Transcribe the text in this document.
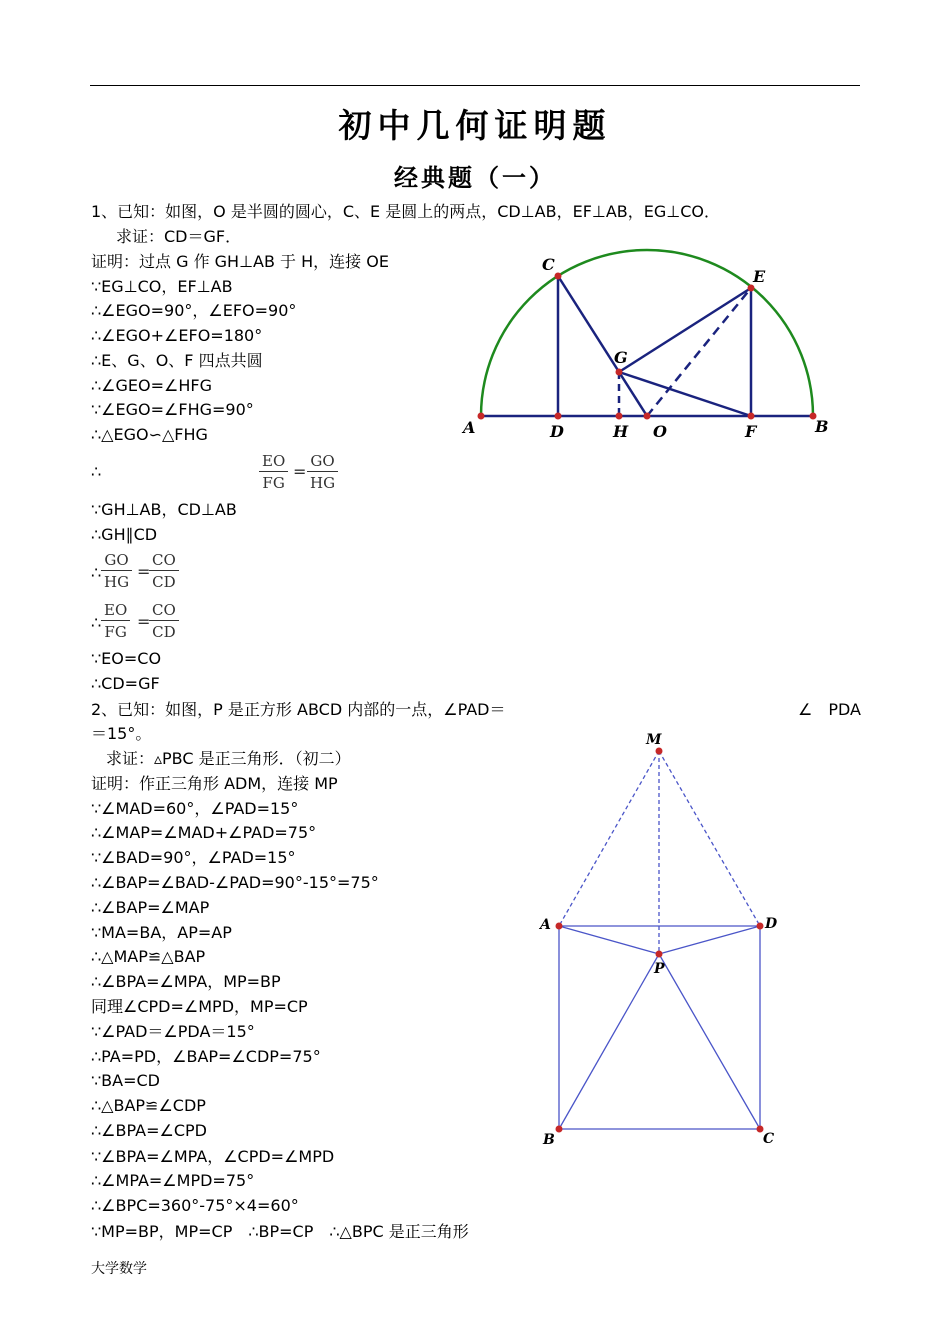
初中几何证明题
经典题（一）
1、已知：如图，O 是半圆的圆心，C、E 是圆上的两点，CD⊥AB，EF⊥AB，EG⊥CO．
求证：CD＝GF．
证明：过点 G 作 GH⊥AB 于 H，连接 OE
∵EG⊥CO，EF⊥AB
∴∠EGO=90°，∠EFO=90°
∴∠EGO+∠EFO=180°
∴E、G、O、F 四点共圆
∴∠GEO=∠HFG
∵∠EGO=∠FHG=90°
∴△EGO∽△FHG
∴	$\frac{EO}{FG} = \frac{GO}{HG}$
∵GH⊥AB，CD⊥AB
∴GH∥CD
∴ $\frac{GO}{HG}$ =
$\frac{CO}{CD}$
∴ $\frac{EO}{FG}$ =
$\frac{CO}{CD}$
∵EO=CO
∴CD=GF
C
E
G
A	D	H O	F	B
2、已知：如图，P 是正方形 ABCD 内部的一点，∠PAD＝	∠　PDA
＝15°。
求证：▵PBC 是正三角形．（初二）
证明：作正三角形 ADM，连接 MP
∵∠MAD=60°，∠PAD=15°
∴∠MAP=∠MAD+∠PAD=75°
∵∠BAD=90°，∠PAD=15°
∴∠BAP=∠BAD-∠PAD=90°-15°=75°
∴∠BAP=∠MAP
∵MA=BA，AP=AP
∴△MAP≌△BAP
∴∠BPA=∠MPA，MP=BP
同理∠CPD=∠MPD，MP=CP
∵∠PAD＝∠PDA＝15°
∴PA=PD，∠BAP=∠CDP=75°
∵BA=CD
∴△BAP≌∠CDP
∴∠BPA=∠CPD
∵∠BPA=∠MPA，∠CPD=∠MPD
∴∠MPA=∠MPD=75°
∴∠BPC=360°-75°×4=60°
∵MP=BP，MP=CP　∴BP=CP　∴△BPC 是正三角形
M
A	D
P
B	C
大学数学
